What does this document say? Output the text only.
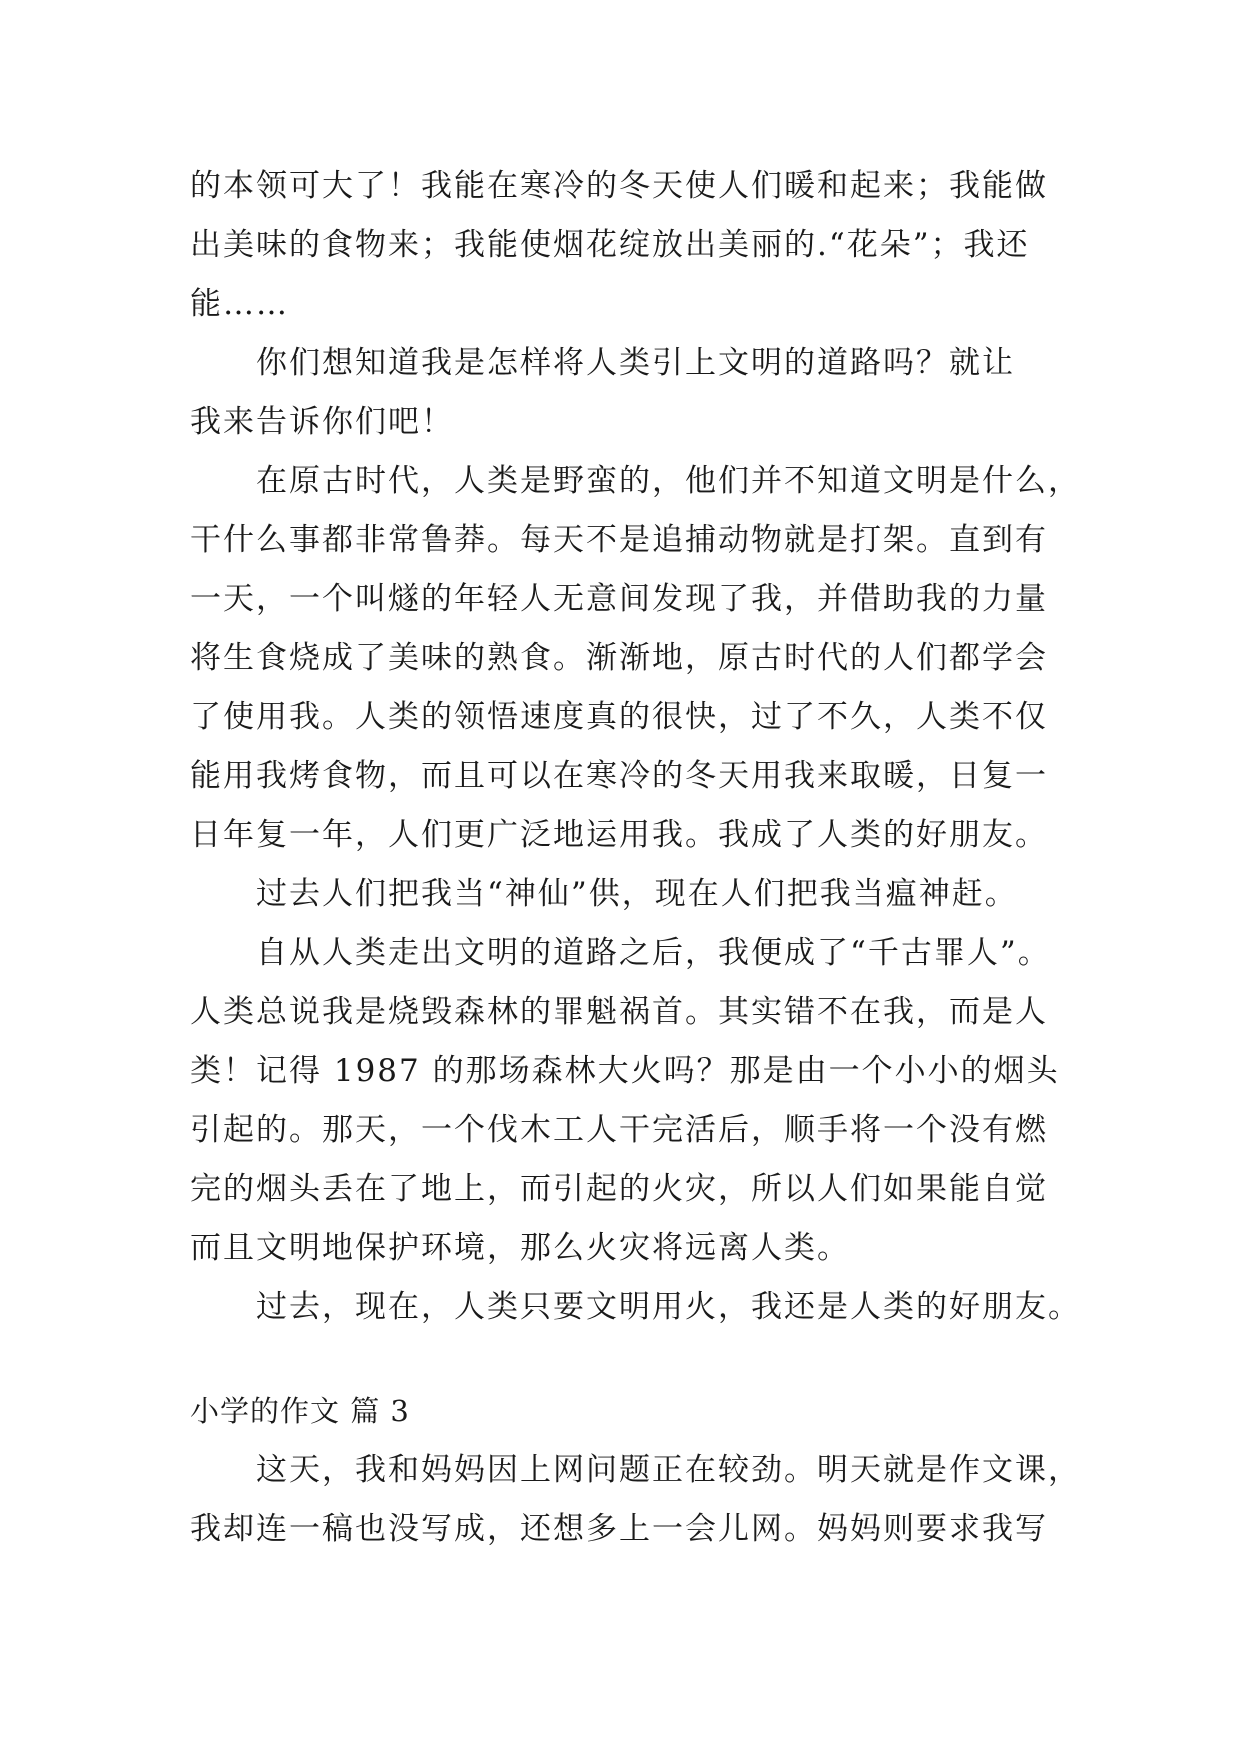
的本领可大了！我能在寒冷的冬天使人们暖和起来；我能做
出美味的食物来；我能使烟花绽放出美丽的.“花朵”；我还
能……
你们想知道我是怎样将人类引上文明的道路吗？就让
我来告诉你们吧！
在原古时代，人类是野蛮的，他们并不知道文明是什么，
干什么事都非常鲁莽。每天不是追捕动物就是打架。直到有
一天，一个叫燧的年轻人无意间发现了我，并借助我的力量
将生食烧成了美味的熟食。渐渐地，原古时代的人们都学会
了使用我。人类的领悟速度真的很快，过了不久，人类不仅
能用我烤食物，而且可以在寒冷的冬天用我来取暖，日复一
日年复一年，人们更广泛地运用我。我成了人类的好朋友。
过去人们把我当“神仙”供，现在人们把我当瘟神赶。
自从人类走出文明的道路之后，我便成了“千古罪人”。
人类总说我是烧毁森林的罪魁祸首。其实错不在我，而是人
类！记得 1987 的那场森林大火吗？那是由一个小小的烟头
引起的。那天，一个伐木工人干完活后，顺手将一个没有燃
完的烟头丢在了地上，而引起的火灾，所以人们如果能自觉
而且文明地保护环境，那么火灾将远离人类。
过去，现在，人类只要文明用火，我还是人类的好朋友。
小学的作文 篇 3
这天，我和妈妈因上网问题正在较劲。明天就是作文课，
我却连一稿也没写成，还想多上一会儿网。妈妈则要求我写
